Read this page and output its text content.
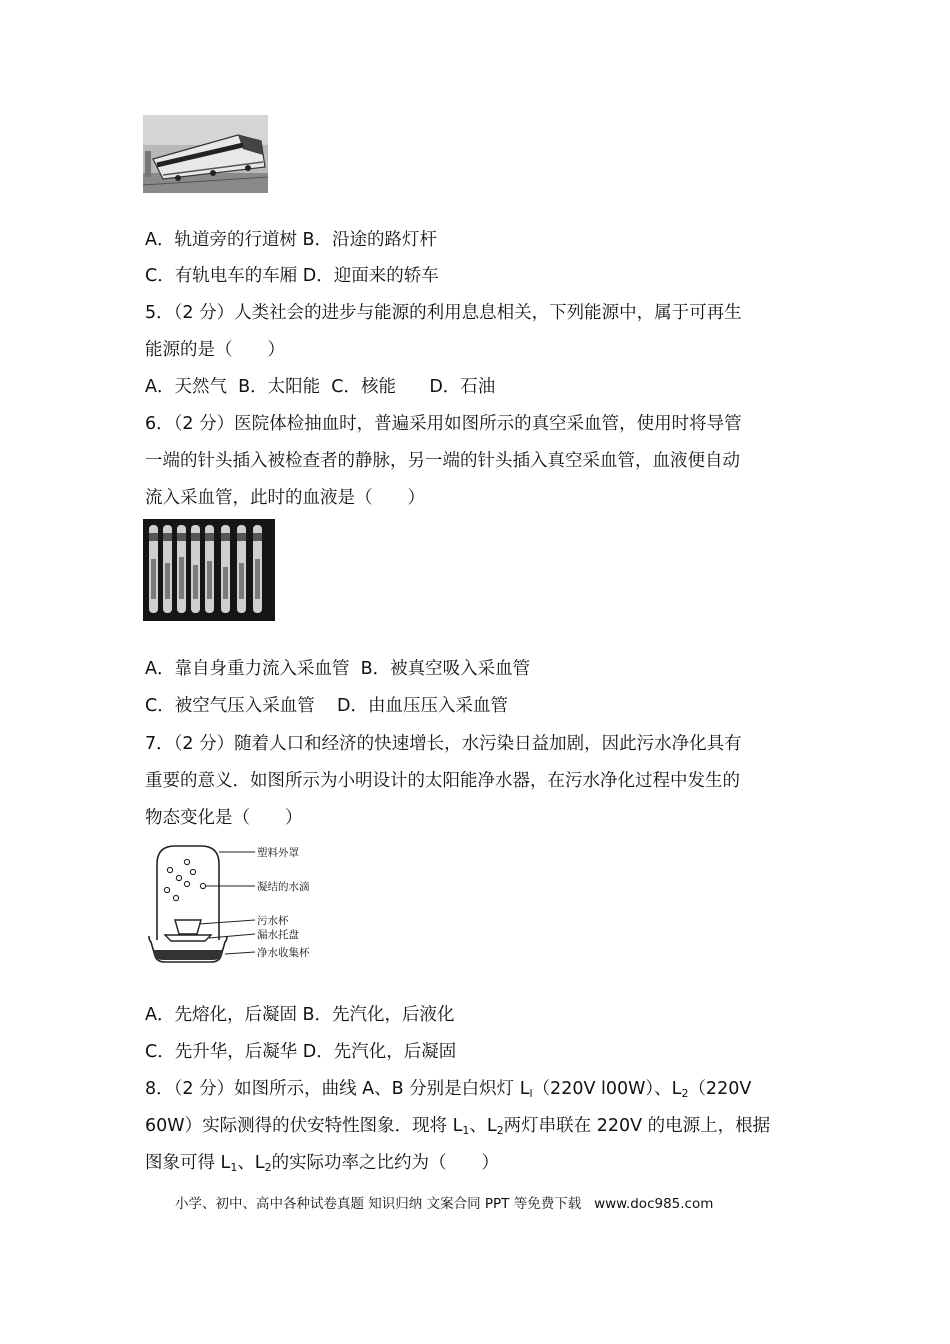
A．轨道旁的行道树 B．沿途的路灯杆
C．有轨电车的车厢 D．迎面来的轿车
5．（2 分）人类社会的进步与能源的利用息息相关，下列能源中，属于可再生
能源的是（　　）
A．天然气  B．太阳能  C．核能      D．石油
6．（2 分）医院体检抽血时，普遍采用如图所示的真空采血管，使用时将导管
一端的针头插入被检查者的静脉，另一端的针头插入真空采血管，血液便自动
流入采血管，此时的血液是（　　）
A．靠自身重力流入采血管  B．被真空吸入采血管
C．被空气压入采血管    D．由血压压入采血管
7．（2 分）随着人口和经济的快速增长，水污染日益加剧，因此污水净化具有
重要的意义．如图所示为小明设计的太阳能净水器，在污水净化过程中发生的
物态变化是（　　）
塑料外罩
凝结的水滴
污水杯
漏水托盘
净水收集杯
A．先熔化，后凝固 B．先汽化，后液化
C．先升华，后凝华 D．先汽化，后凝固
8．（2 分）如图所示，曲线 A、B 分别是白炽灯 $L_l(220V$ l00W）、$L_2(220V$
60W）实际测得的伏安特性图象．现将 $L_1$、$L_2$两灯串联在 220V 的电源上，根据
图象可得 $L_1$、$L_2$的实际功率之比约为（　　）
小学、初中、高中各种试卷真题 知识归纳 文案合同 PPT 等免费下载   www.doc985.com
